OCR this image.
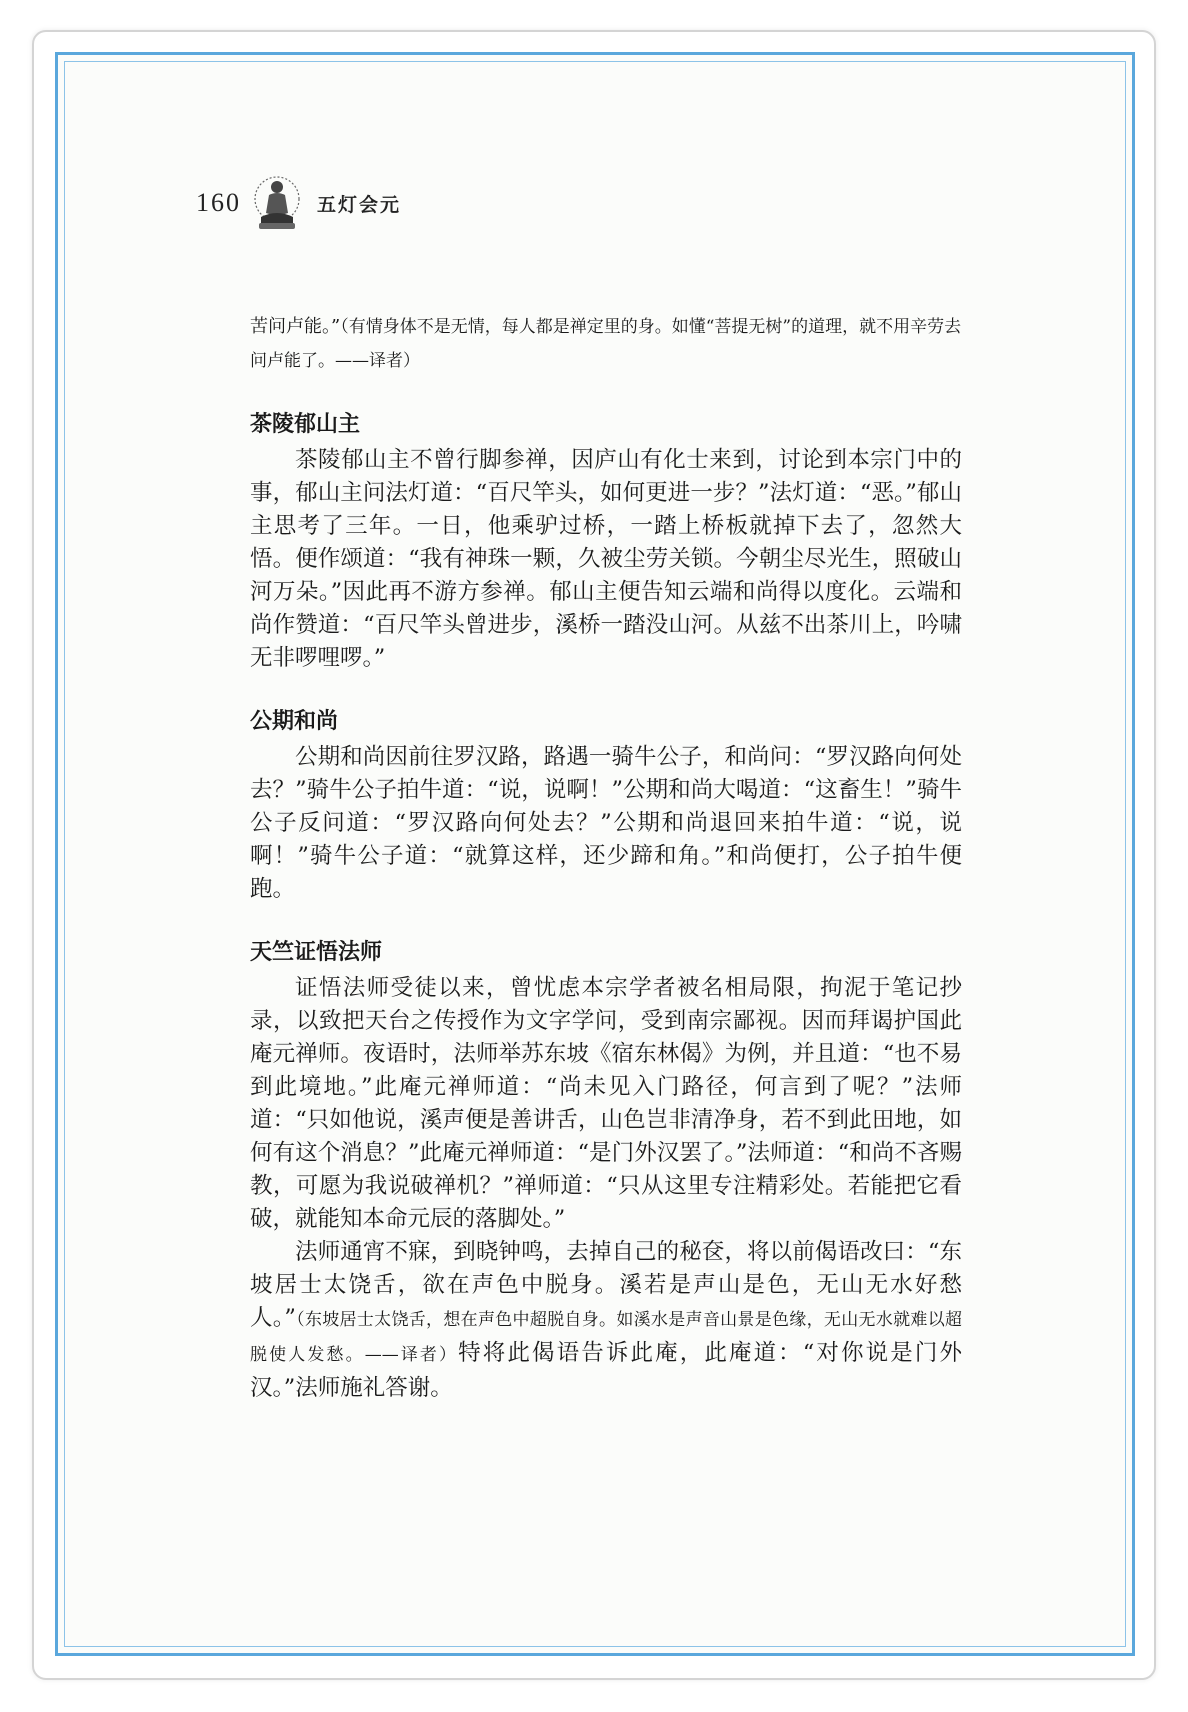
160	五灯会元

苦问卢能。”（有情身体不是无情，每人都是禅定里的身。如懂“菩提无树”的道理，就不用辛劳去问卢能了。——译者）

茶陵郁山主

茶陵郁山主不曾行脚参禅，因庐山有化士来到，讨论到本宗门中的事，郁山主问法灯道：“百尺竿头，如何更进一步？”法灯道：“恶。”郁山主思考了三年。一日，他乘驴过桥，一踏上桥板就掉下去了，忽然大悟。便作颂道：“我有神珠一颗，久被尘劳关锁。今朝尘尽光生，照破山河万朵。”因此再不游方参禅。郁山主便告知云端和尚得以度化。云端和尚作赞道：“百尺竿头曾进步，溪桥一踏没山河。从兹不出茶川上，吟啸无非啰哩啰。”

公期和尚

公期和尚因前往罗汉路，路遇一骑牛公子，和尚问：“罗汉路向何处去？”骑牛公子拍牛道：“说，说啊！”公期和尚大喝道：“这畜生！”骑牛公子反问道：“罗汉路向何处去？”公期和尚退回来拍牛道：“说，说啊！”骑牛公子道：“就算这样，还少蹄和角。”和尚便打，公子拍牛便跑。

天竺证悟法师

证悟法师受徒以来，曾忧虑本宗学者被名相局限，拘泥于笔记抄录，以致把天台之传授作为文字学问，受到南宗鄙视。因而拜谒护国此庵元禅师。夜语时，法师举苏东坡《宿东林偈》为例，并且道：“也不易到此境地。”此庵元禅师道：“尚未见入门路径，何言到了呢？”法师道：“只如他说，溪声便是善讲舌，山色岂非清净身，若不到此田地，如何有这个消息？”此庵元禅师道：“是门外汉罢了。”法师道：“和尚不吝赐教，可愿为我说破禅机？”禅师道：“只从这里专注精彩处。若能把它看破，就能知本命元辰的落脚处。”

法师通宵不寐，到晓钟鸣，去掉自己的秘奁，将以前偈语改曰：“东坡居士太饶舌，欲在声色中脱身。溪若是声山是色，无山无水好愁人。”（东坡居士太饶舌，想在声色中超脱自身。如溪水是声音山景是色缘，无山无水就难以超脱使人发愁。——译者）特将此偈语告诉此庵，此庵道：“对你说是门外汉。”法师施礼答谢。
